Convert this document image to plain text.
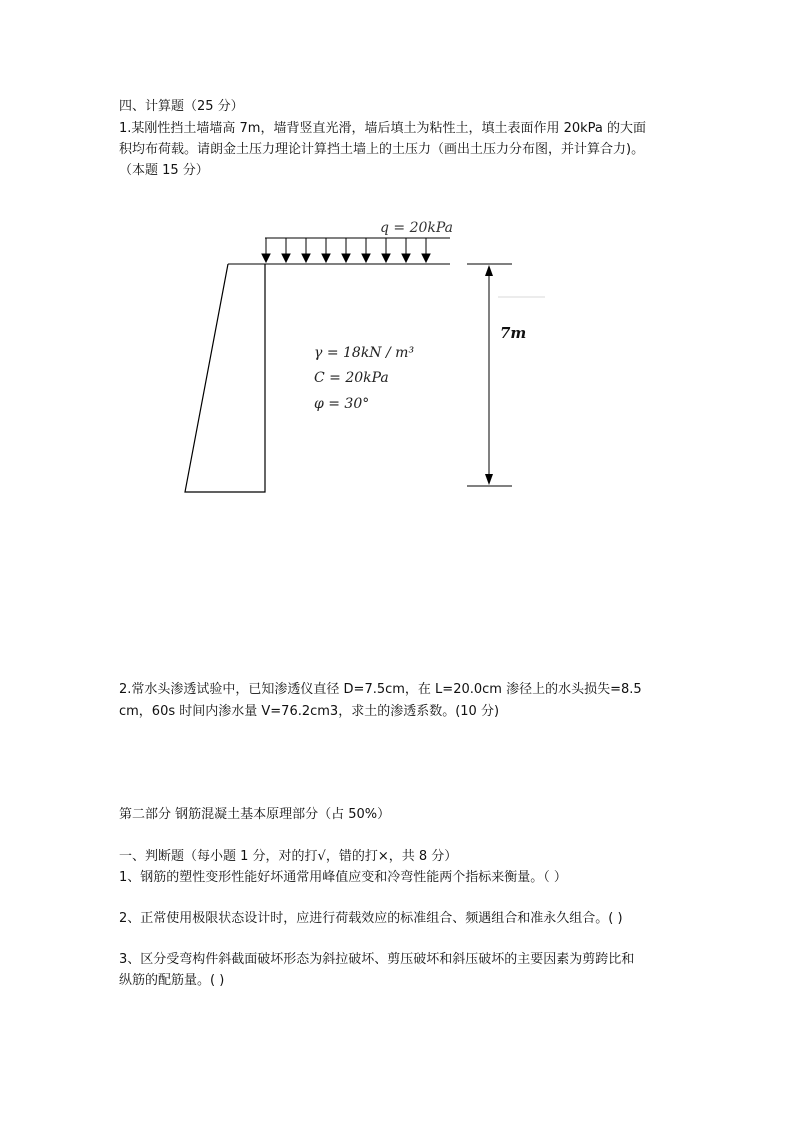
四、计算题（25 分）
1.某刚性挡土墙墙高 7m，墙背竖直光滑，墙后填土为粘性土，填土表面作用 20kPa 的大面
积均布荷载。请朗金土压力理论计算挡土墙上的土压力（画出土压力分布图，并计算合力)。
（本题 15 分）
q = 20kPa
7m
γ = 18kN / m³
C = 20kPa
φ = 30°
2.常水头渗透试验中，已知渗透仪直径 D=7.5cm，在 L=20.0cm 渗径上的水头损失=8.5
cm，60s 时间内渗水量 V=76.2cm3，求土的渗透系数。(10 分)
第二部分 钢筋混凝土基本原理部分（占 50%）
一、判断题（每小题 1 分，对的打√，错的打×，共 8 分）
1、钢筋的塑性变形性能好坏通常用峰值应变和冷弯性能两个指标来衡量。（ ）
2、正常使用极限状态设计时，应进行荷载效应的标准组合、频遇组合和准永久组合。( )
3、区分受弯构件斜截面破坏形态为斜拉破坏、剪压破坏和斜压破坏的主要因素为剪跨比和
纵筋的配筋量。( )
